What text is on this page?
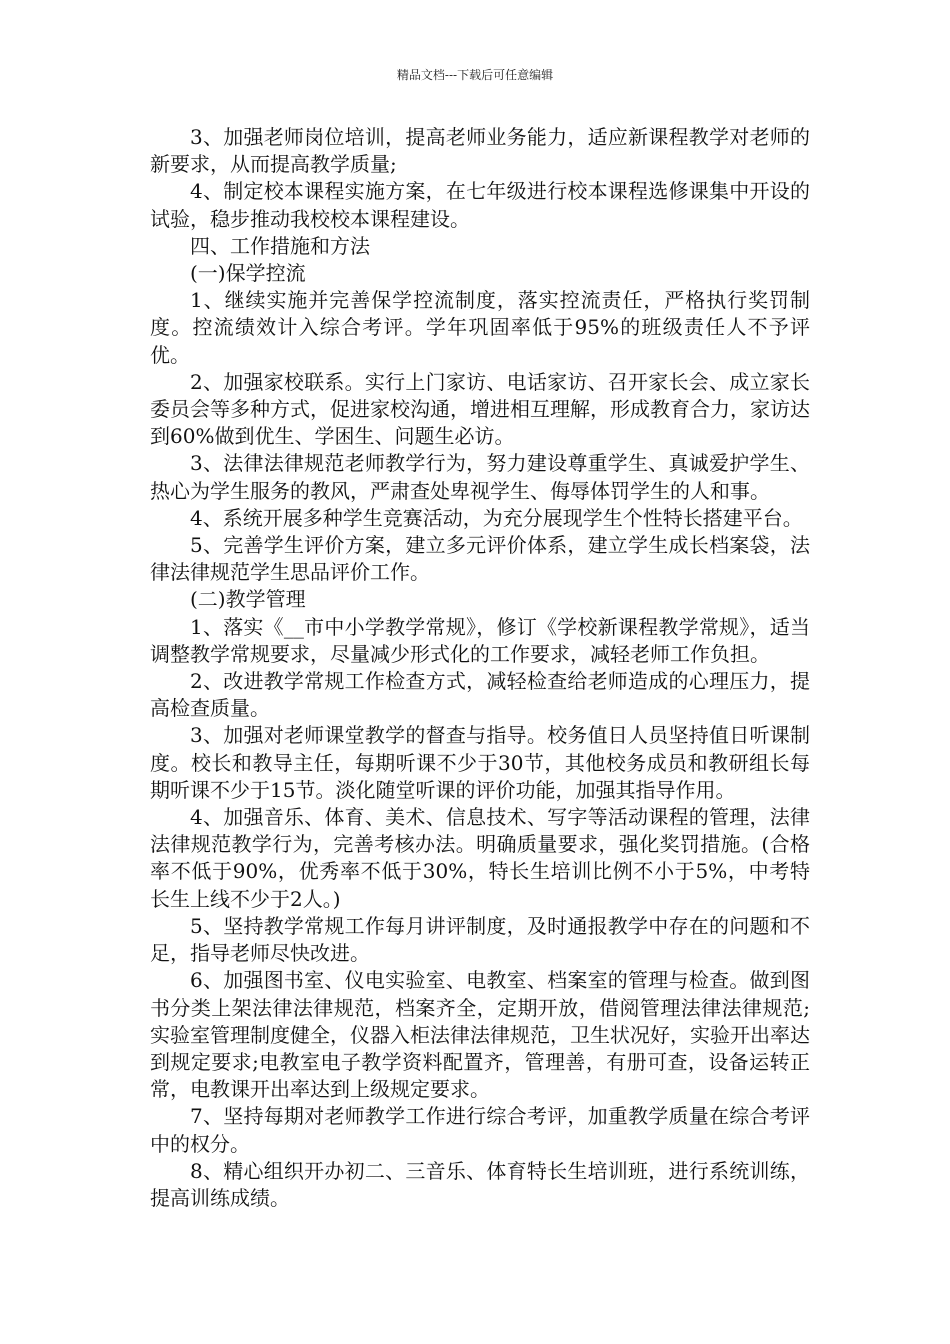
精品文档---下载后可任意编辑

3、加强老师岗位培训，提高老师业务能力，适应新课程教学对老师的新要求，从而提高教学质量;

4、制定校本课程实施方案，在七年级进行校本课程选修课集中开设的试验，稳步推动我校校本课程建设。

四、工作措施和方法

(一)保学控流

1、继续实施并完善保学控流制度，落实控流责任，严格执行奖罚制度。控流绩效计入综合考评。学年巩固率低于95%的班级责任人不予评优。

2、加强家校联系。实行上门家访、电话家访、召开家长会、成立家长委员会等多种方式，促进家校沟通，增进相互理解，形成教育合力，家访达到60%做到优生、学困生、问题生必访。

3、法律法律规范老师教学行为，努力建设尊重学生、真诚爱护学生、热心为学生服务的教风，严肃查处卑视学生、侮辱体罚学生的人和事。

4、系统开展多种学生竞赛活动，为充分展现学生个性特长搭建平台。

5、完善学生评价方案，建立多元评价体系，建立学生成长档案袋，法律法律规范学生思品评价工作。

(二)教学管理

1、落实《__市中小学教学常规》，修订《学校新课程教学常规》，适当调整教学常规要求，尽量减少形式化的工作要求，减轻老师工作负担。

2、改进教学常规工作检查方式，减轻检查给老师造成的心理压力，提高检查质量。

3、加强对老师课堂教学的督查与指导。校务值日人员坚持值日听课制度。校长和教导主任，每期听课不少于30节，其他校务成员和教研组长每期听课不少于15节。淡化随堂听课的评价功能，加强其指导作用。

4、加强音乐、体育、美术、信息技术、写字等活动课程的管理，法律法律规范教学行为，完善考核办法。明确质量要求，强化奖罚措施。(合格率不低于90%，优秀率不低于30%，特长生培训比例不小于5%，中考特长生上线不少于2人。)

5、坚持教学常规工作每月讲评制度，及时通报教学中存在的问题和不足，指导老师尽快改进。

6、加强图书室、仪电实验室、电教室、档案室的管理与检查。做到图书分类上架法律法律规范，档案齐全，定期开放，借阅管理法律法律规范;实验室管理制度健全，仪器入柜法律法律规范，卫生状况好，实验开出率达到规定要求;电教室电子教学资料配置齐，管理善，有册可查，设备运转正常，电教课开出率达到上级规定要求。

7、坚持每期对老师教学工作进行综合考评，加重教学质量在综合考评中的权分。

8、精心组织开办初二、三音乐、体育特长生培训班，进行系统训练，提高训练成绩。
